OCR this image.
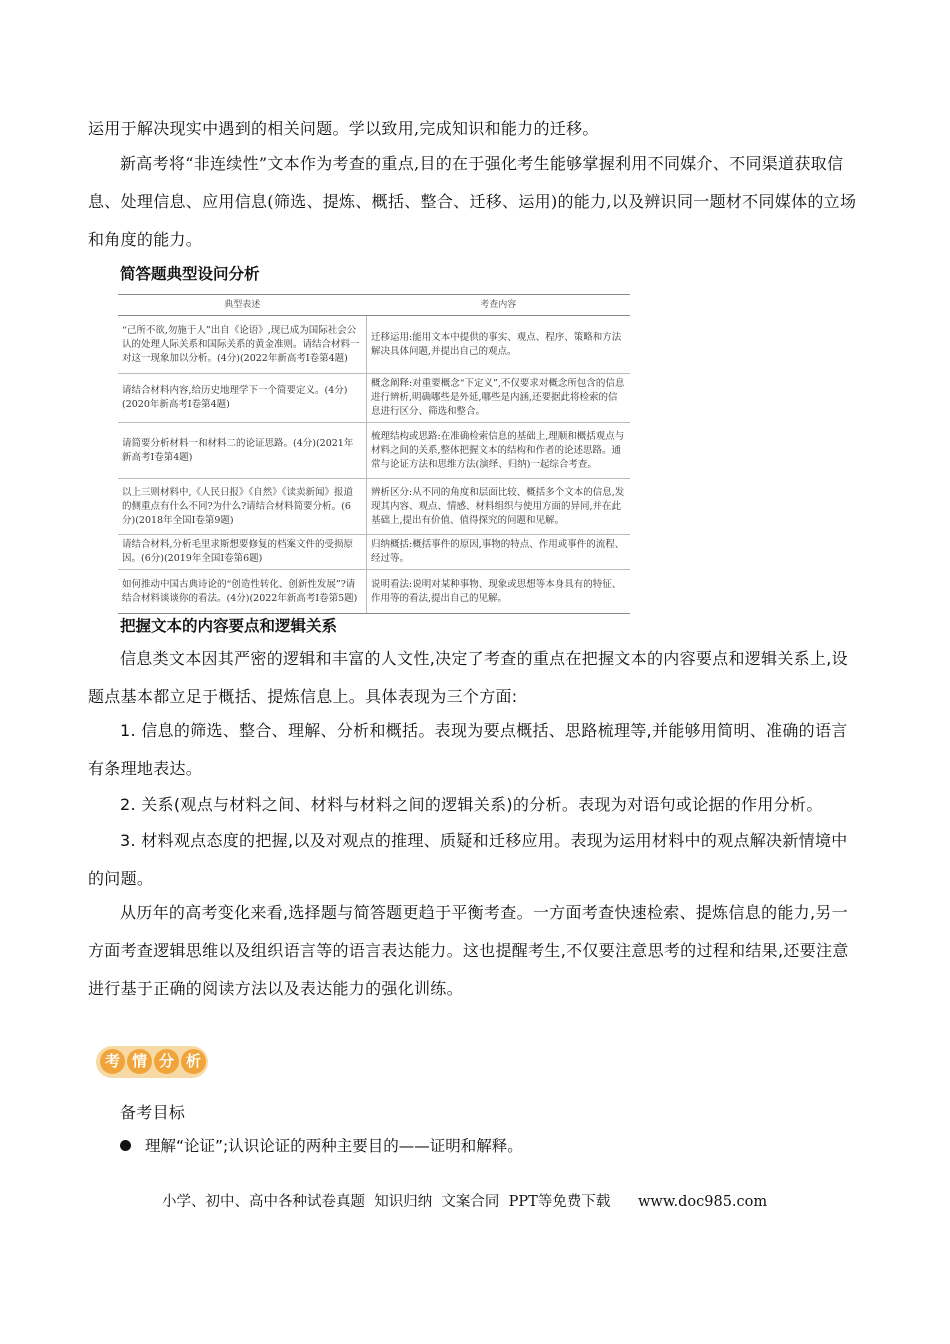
运用于解决现实中遇到的相关问题。学以致用,完成知识和能力的迁移。

新高考将“非连续性”文本作为考查的重点,目的在于强化考生能够掌握利用不同媒介、不同渠道获取信息、处理信息、应用信息(筛选、提炼、概括、整合、迁移、运用)的能力,以及辨识同一题材不同媒体的立场和角度的能力。

简答题典型设问分析

典型表述	考查内容
“己所不欲,勿施于人”出自《论语》,现已成为国际社会公认的处理人际关系和国际关系的黄金准则。请结合材料一对这一现象加以分析。(4分)(2022年新高考Ⅰ卷第4题)	迁移运用:能用文本中提供的事实、观点、程序、策略和方法解决具体问题,并提出自己的观点。
请结合材料内容,给历史地理学下一个简要定义。(4分)(2020年新高考Ⅰ卷第4题)	概念阐释:对重要概念“下定义”,不仅要求对概念所包含的信息进行辨析,明确哪些是外延,哪些是内涵,还要据此将检索的信息进行区分、筛选和整合。
请简要分析材料一和材料二的论证思路。(4分)(2021年新高考Ⅰ卷第4题)	梳理结构或思路:在准确检索信息的基础上,理顺和概括观点与材料之间的关系,整体把握文本的结构和作者的论述思路。通常与论证方法和思维方法(演绎、归纳)一起综合考查。
以上三则材料中,《人民日报》《自然》《读卖新闻》报道的侧重点有什么不同?为什么?请结合材料简要分析。(6分)(2018年全国Ⅰ卷第9题)	辨析区分:从不同的角度和层面比较、概括多个文本的信息,发现其内容、观点、情感、材料组织与使用方面的异同,并在此基础上,提出有价值、值得探究的问题和见解。
请结合材料,分析毛里求斯想要修复的档案文件的受损原因。(6分)(2019年全国Ⅰ卷第6题)	归纳概括:概括事件的原因,事物的特点、作用或事件的流程、经过等。
如何推动中国古典诗论的“创造性转化、创新性发展”?请结合材料谈谈你的看法。(4分)(2022年新高考Ⅰ卷第5题)	说明看法:说明对某种事物、现象或思想等本身具有的特征、作用等的看法,提出自己的见解。

把握文本的内容要点和逻辑关系

信息类文本因其严密的逻辑和丰富的人文性,决定了考查的重点在把握文本的内容要点和逻辑关系上,设题点基本都立足于概括、提炼信息上。具体表现为三个方面:

1. 信息的筛选、整合、理解、分析和概括。表现为要点概括、思路梳理等,并能够用简明、准确的语言有条理地表达。

2. 关系(观点与材料之间、材料与材料之间的逻辑关系)的分析。表现为对语句或论据的作用分析。

3. 材料观点态度的把握,以及对观点的推理、质疑和迁移应用。表现为运用材料中的观点解决新情境中的问题。

从历年的高考变化来看,选择题与简答题更趋于平衡考查。一方面考查快速检索、提炼信息的能力,另一方面考查逻辑思维以及组织语言等的语言表达能力。这也提醒考生,不仅要注意思考的过程和结果,还要注意进行基于正确的阅读方法以及表达能力的强化训练。

考 情 分 析

备考目标

理解“论证”;认识论证的两种主要目的——证明和解释。
小学、初中、高中各种试卷真题  知识归纳  文案合同  PPT等免费下载      www.doc985.com
